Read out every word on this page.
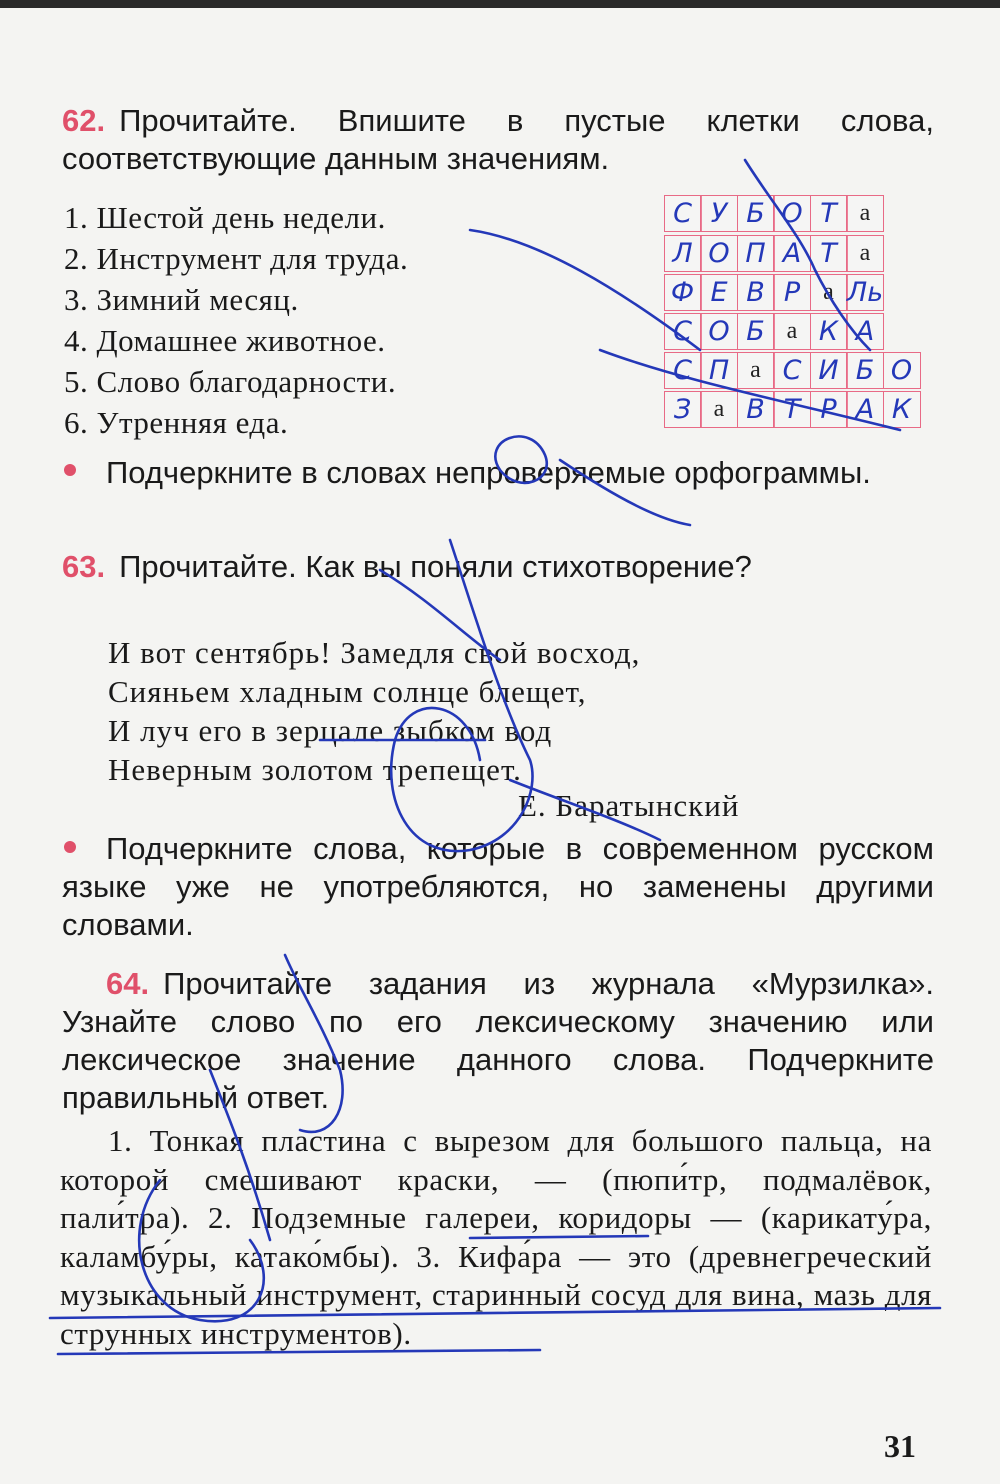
62. Прочитайте. Впишите в пустые клетки слова, соответствующие данным значениям.
1. Шестой день недели.
2. Инструмент для труда.
3. Зимний месяц.
4. Домашнее животное.
5. Слово благодарности.
6. Утренняя еда.
С У Б О Т а
Л О П А Т а
Ф Е В Р а Ль
С О Б а К А
С П а С И Б О
З а В Т Р А К
Подчеркните в словах непроверяемые орфограммы.
63. Прочитайте. Как вы поняли стихотворение?
И вот сентябрь! Замедля свой восход,
Сияньем хладным солнце блещет,
И луч его в зерцале зыбком вод
Неверным золотом трепещет.
Е. Баратынский
Подчеркните слова, которые в современном русском языке уже не употребляются, но заменены другими словами.
64. Прочитайте задания из журнала «Мурзилка». Узнайте слово по его лексическому значению или лексическое значение данного слова. Подчеркните правильный ответ.
1. Тонкая пластина с вырезом для большого пальца, на которой смешивают краски, — (пюпи́тр, подмалёвок, пали́тра). 2. Подземные галереи, коридоры — (карикату́ра, каламбу́ры, катако́мбы). 3. Кифа́ра — это (древнегреческий музыкальный инструмент, старинный сосуд для вина, мазь для струнных инструментов).
31
